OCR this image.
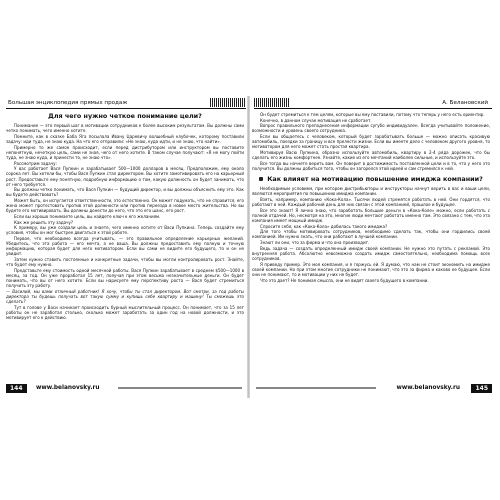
Большая энциклопедия прямых продаж	А. Белановский
Для чего нужно четкое понимание цели?

Понимание — это первый шаг в мотивации сотрудников к более высоким результатам. Вы должны сами четко понимать, чего именно хотите.

Помните, как в сказке Баба Яга посылала Ивану Царевичу волшебный клубочек, которому поставили задачу: иди туда, не знаю куда. На что его отправили: «Не знаю, куда идти, и не знаю, что найти».

Примерно то же самое происходит, если перед дистрибутором или инструктором вы поставите непонятную, нечеткую цель, сами не зная, чего от него хотите. В таком случае получают: «Я не могу пойти туда, не знаю куда, и принести то, не знаю что».

Рассмотрим задачу:

У вас работает Вася Пупкин и зарабатывает 500—1000 долларов в месяц. Предположим, ему около сорока лет. Вы хотели бы, чтобы Вася Пупкин стал директором. Вы хотите замотивировать его на карьерный рост. Предоставьте ему понятную, подробную информацию о том, какую должность он будет занимать, что от него требуется.

Вы должны четко понимать, что Вася Пупкин — будущий директор, и вы должны объяснить ему это. Как вы будете действовать?

Может быть, он испугается ответственности, это естественно. Он может подумать, что не справится, его жена может протестовать против этой должности или против переезда в новое место жительства. Но вы будете его мотивировать. Вы должны донести до него, что это его шанс, его рост.

Если вы хорошо понимаете цель, вы найдете ключ к его желаниям.

Как же решить эту задачу?

К примеру, вы уже создали цель и знаете, чего именно хотите от Васи Пупкина. Теперь создайте ему условия, чтобы он мог быстрее двигаться к этой работе.

Первое, что необходимо всегда учитывать, — это правильное определение карьерных желаний. Убедитесь, что эта работа — его мечта, а не ваша. Вы должны предоставить ему полную и точную информацию, которая будет для него мотиватором. Если вы сами не видите его будущего, то и он не увидит.

Затем нужно ставить постоянные и конкретные задачи, чтобы вы могли контролировать рост. Знайте, что будет ему нужно.

Представьте ему стоимость одной месячной работы. Вася Пупкин зарабатывает в среднем $500—1000 в месяц, за год. Он уже проработал 15 лет, получая при этом весьма незначительные деньги. Он будет понимать, что вы от него хотите. Если вы нарисуете ему перспективу роста — Вася будет стремиться получить эту работу.

— Василий, мы вами отличный работник! Я хочу, чтобы ты стал директором. Вот смотри, за год работы директора ты будешь получать вот такую сумму и купишь себе квартиру и машину! Ты сможешь это сделать?

Тут в голове у Васи начинает происходить бурный мыслительный процесс. Он понимает, что за 15 лет работы он не заработал столько, сколько может заработать за один год на новой должности, и это мотивирует его к действию.

Он будет стремиться к тем целям, которые вы ему поставили, потому что теперь у него есть ориентир.

Конечно, в данном случае мотивация не сработает.

Вопрос правильного преподнесения информации сугубо индивидуален. Всегда учитывайте положение, возможности и уровень своего сотрудника.

Если вы общаетесь с человеком, который будет зарабатывать больше — можно описать красивую автомобиль, поездки за границу и все прелести жизни. Если вы имеете дело с человеком другого уровня, то мотиватором для него может стать простая квартира.

Мотивируя Васю Пупкина, образно используйте автомобиль, квартиру в 2-4 ряда дорожек, что бы сделать его жизнь комфортнее. Узнайте, какие из его мечтаний наиболее сильные, и используйте это.

Все тогда вы начнете верить вам. Он поверит в достижимость поставленной цели и в то, что у него это получится. Вы должны добиться того, чтобы он загорелся этой идеей и сам стремился к ней.

Как влияет на мотивацию повышение имиджа компании?

Необходимым условием, при котором дистрибьюторы и инструкторы начнут верить в вас и ваши цели, являются мероприятия по повышению имиджа компании.

Взять, например, компанию «Кока-Кола». Тысячи людей стремятся работать в ней. Они гордятся, что работают в ней. Каждый рабочий день для них связан с этой компанией, прошлое и будущее.

Все это знают! Я лично знаю, что заработать большие деньги в «Кока-Коле» можно, если работать с полной отдачей. Но, несмотря на это, многие люди мечтают работать именно там. Это связано с тем, что эта компания имеет мощный имидж.

Спросите себя, как «Кока-Кола» добилась такого имиджа?

Для того чтобы мотивировать сотрудников, необходимо сделать так, чтобы они гордились своей компанией. Им нужно знать, что они работают в лучшей компании.

Знают ли они, что за фирма и что она производит.

Ведь задача — создать определенный имидж своей компании. Не нужно это путать с рекламой. Это внутренняя работа. Абсолютно невозможно создать имидж самостоятельно, необходима помощь всех сотрудников.

Я приведу пример. Это моя компания, и я горжусь ей. Я думаю, что нам не стоит экономить на имидже своей компании. Но при этом многие сотрудники не понимают, что это за фирма и каково ее будущее. Если они не понимают, то и мотивации у них не будет.

Что это дает? Не понимая смысла, они не видят своего будущего в компании.

144	www.belanovsky.ru	www.belanovsky.ru	145
